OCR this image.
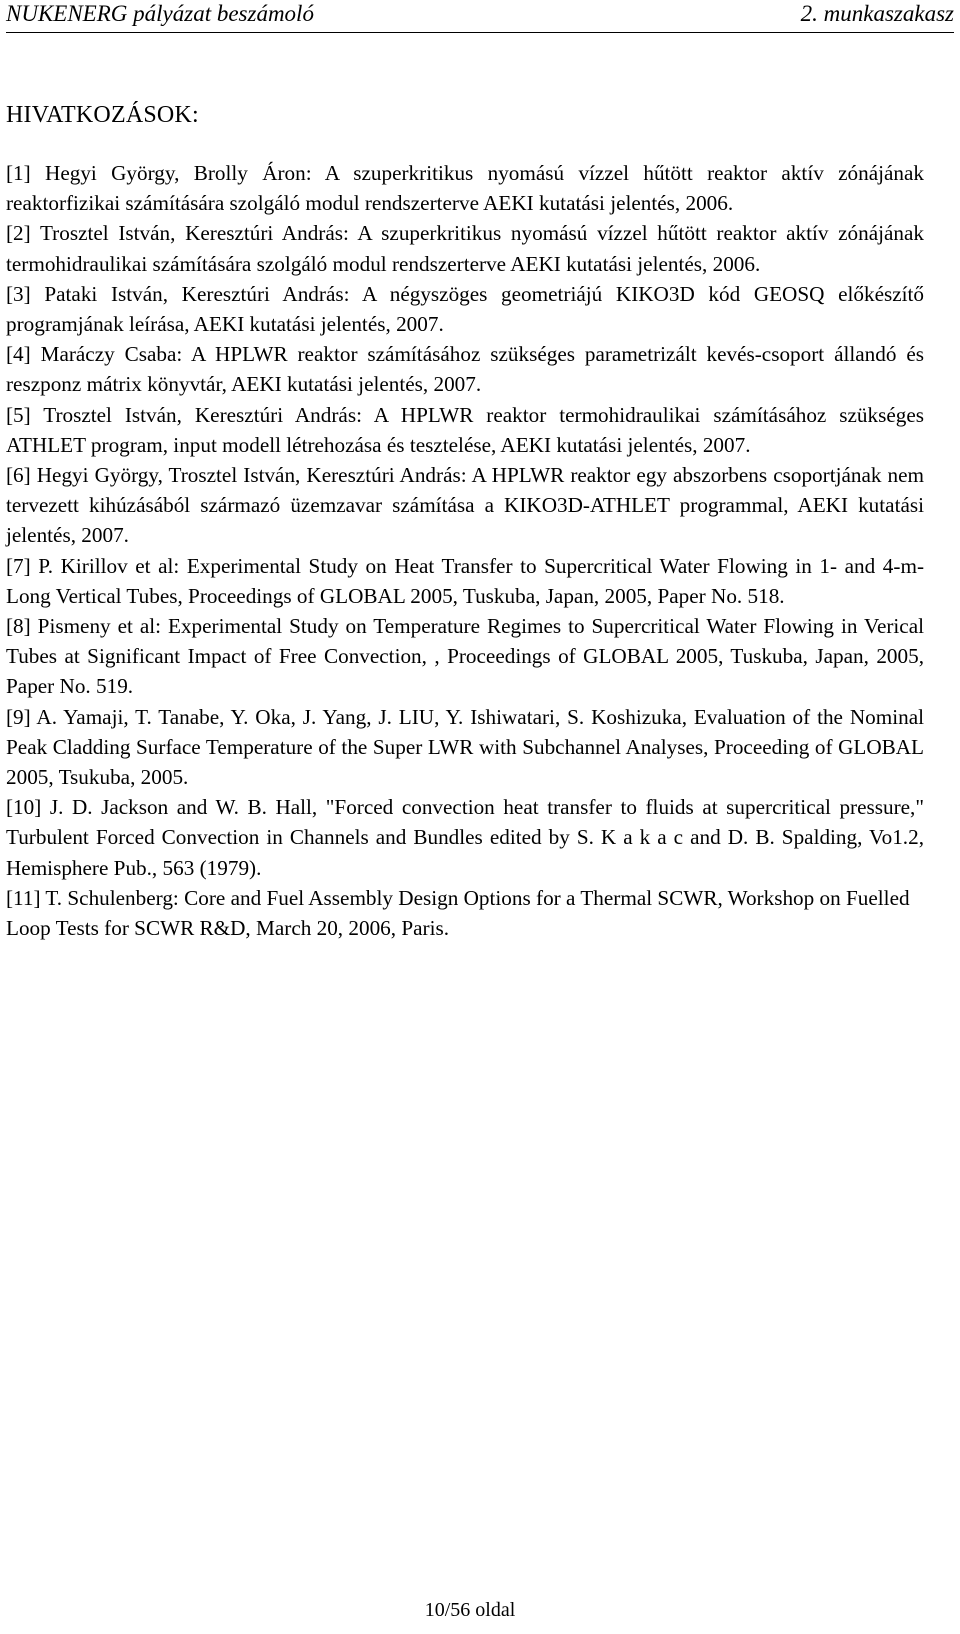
NUKENERG pályázat beszámoló	2. munkaszakasz
HIVATKOZÁSOK:

[1] Hegyi György, Brolly Áron: A szuperkritikus nyomású vízzel hűtött reaktor aktív zónájának reaktorfizikai számítására szolgáló modul rendszerterve AEKI kutatási jelentés, 2006.

[2] Trosztel István, Keresztúri András: A szuperkritikus nyomású vízzel hűtött reaktor aktív zónájának termohidraulikai számítására szolgáló modul rendszerterve AEKI kutatási jelentés, 2006.

[3] Pataki István, Keresztúri András: A négyszöges geometriájú KIKO3D kód GEOSQ előkészítő programjának leírása, AEKI kutatási jelentés, 2007.

[4] Maráczy Csaba: A HPLWR reaktor számításához szükséges parametrizált kevés-csoport állandó és reszponz mátrix könyvtár, AEKI kutatási jelentés, 2007.

[5] Trosztel István, Keresztúri András: A HPLWR reaktor termohidraulikai számításához szükséges ATHLET program, input modell létrehozása és tesztelése, AEKI kutatási jelentés, 2007.

[6] Hegyi György, Trosztel István, Keresztúri András: A HPLWR reaktor egy abszorbens csoportjának nem tervezett kihúzásából származó üzemzavar számítása a KIKO3D-ATHLET programmal, AEKI kutatási jelentés, 2007.

[7] P. Kirillov et al: Experimental Study on Heat Transfer to Supercritical Water Flowing in 1- and 4-m-Long Vertical Tubes, Proceedings of GLOBAL 2005, Tuskuba, Japan, 2005, Paper No. 518.

[8] Pismeny et al: Experimental Study on Temperature Regimes to Supercritical Water Flowing in Verical Tubes at Significant Impact of Free Convection, , Proceedings of GLOBAL 2005, Tuskuba, Japan, 2005, Paper No. 519.

[9] A. Yamaji, T. Tanabe, Y. Oka, J. Yang, J. LIU, Y. Ishiwatari, S. Koshizuka, Evaluation of the Nominal Peak Cladding Surface Temperature of the Super LWR with Subchannel Analyses, Proceeding of GLOBAL 2005, Tsukuba, 2005.

[10] J. D. Jackson and W. B. Hall, "Forced convection heat transfer to fluids at supercritical pressure," Turbulent Forced Convection in Channels and Bundles edited by S. K a k a c and D. B. Spalding, Vo1.2, Hemisphere Pub., 563 (1979).

[11] T. Schulenberg: Core and Fuel Assembly Design Options for a Thermal SCWR, Workshop on Fuelled Loop Tests for SCWR R&D, March 20, 2006, Paris.

10/56 oldal
